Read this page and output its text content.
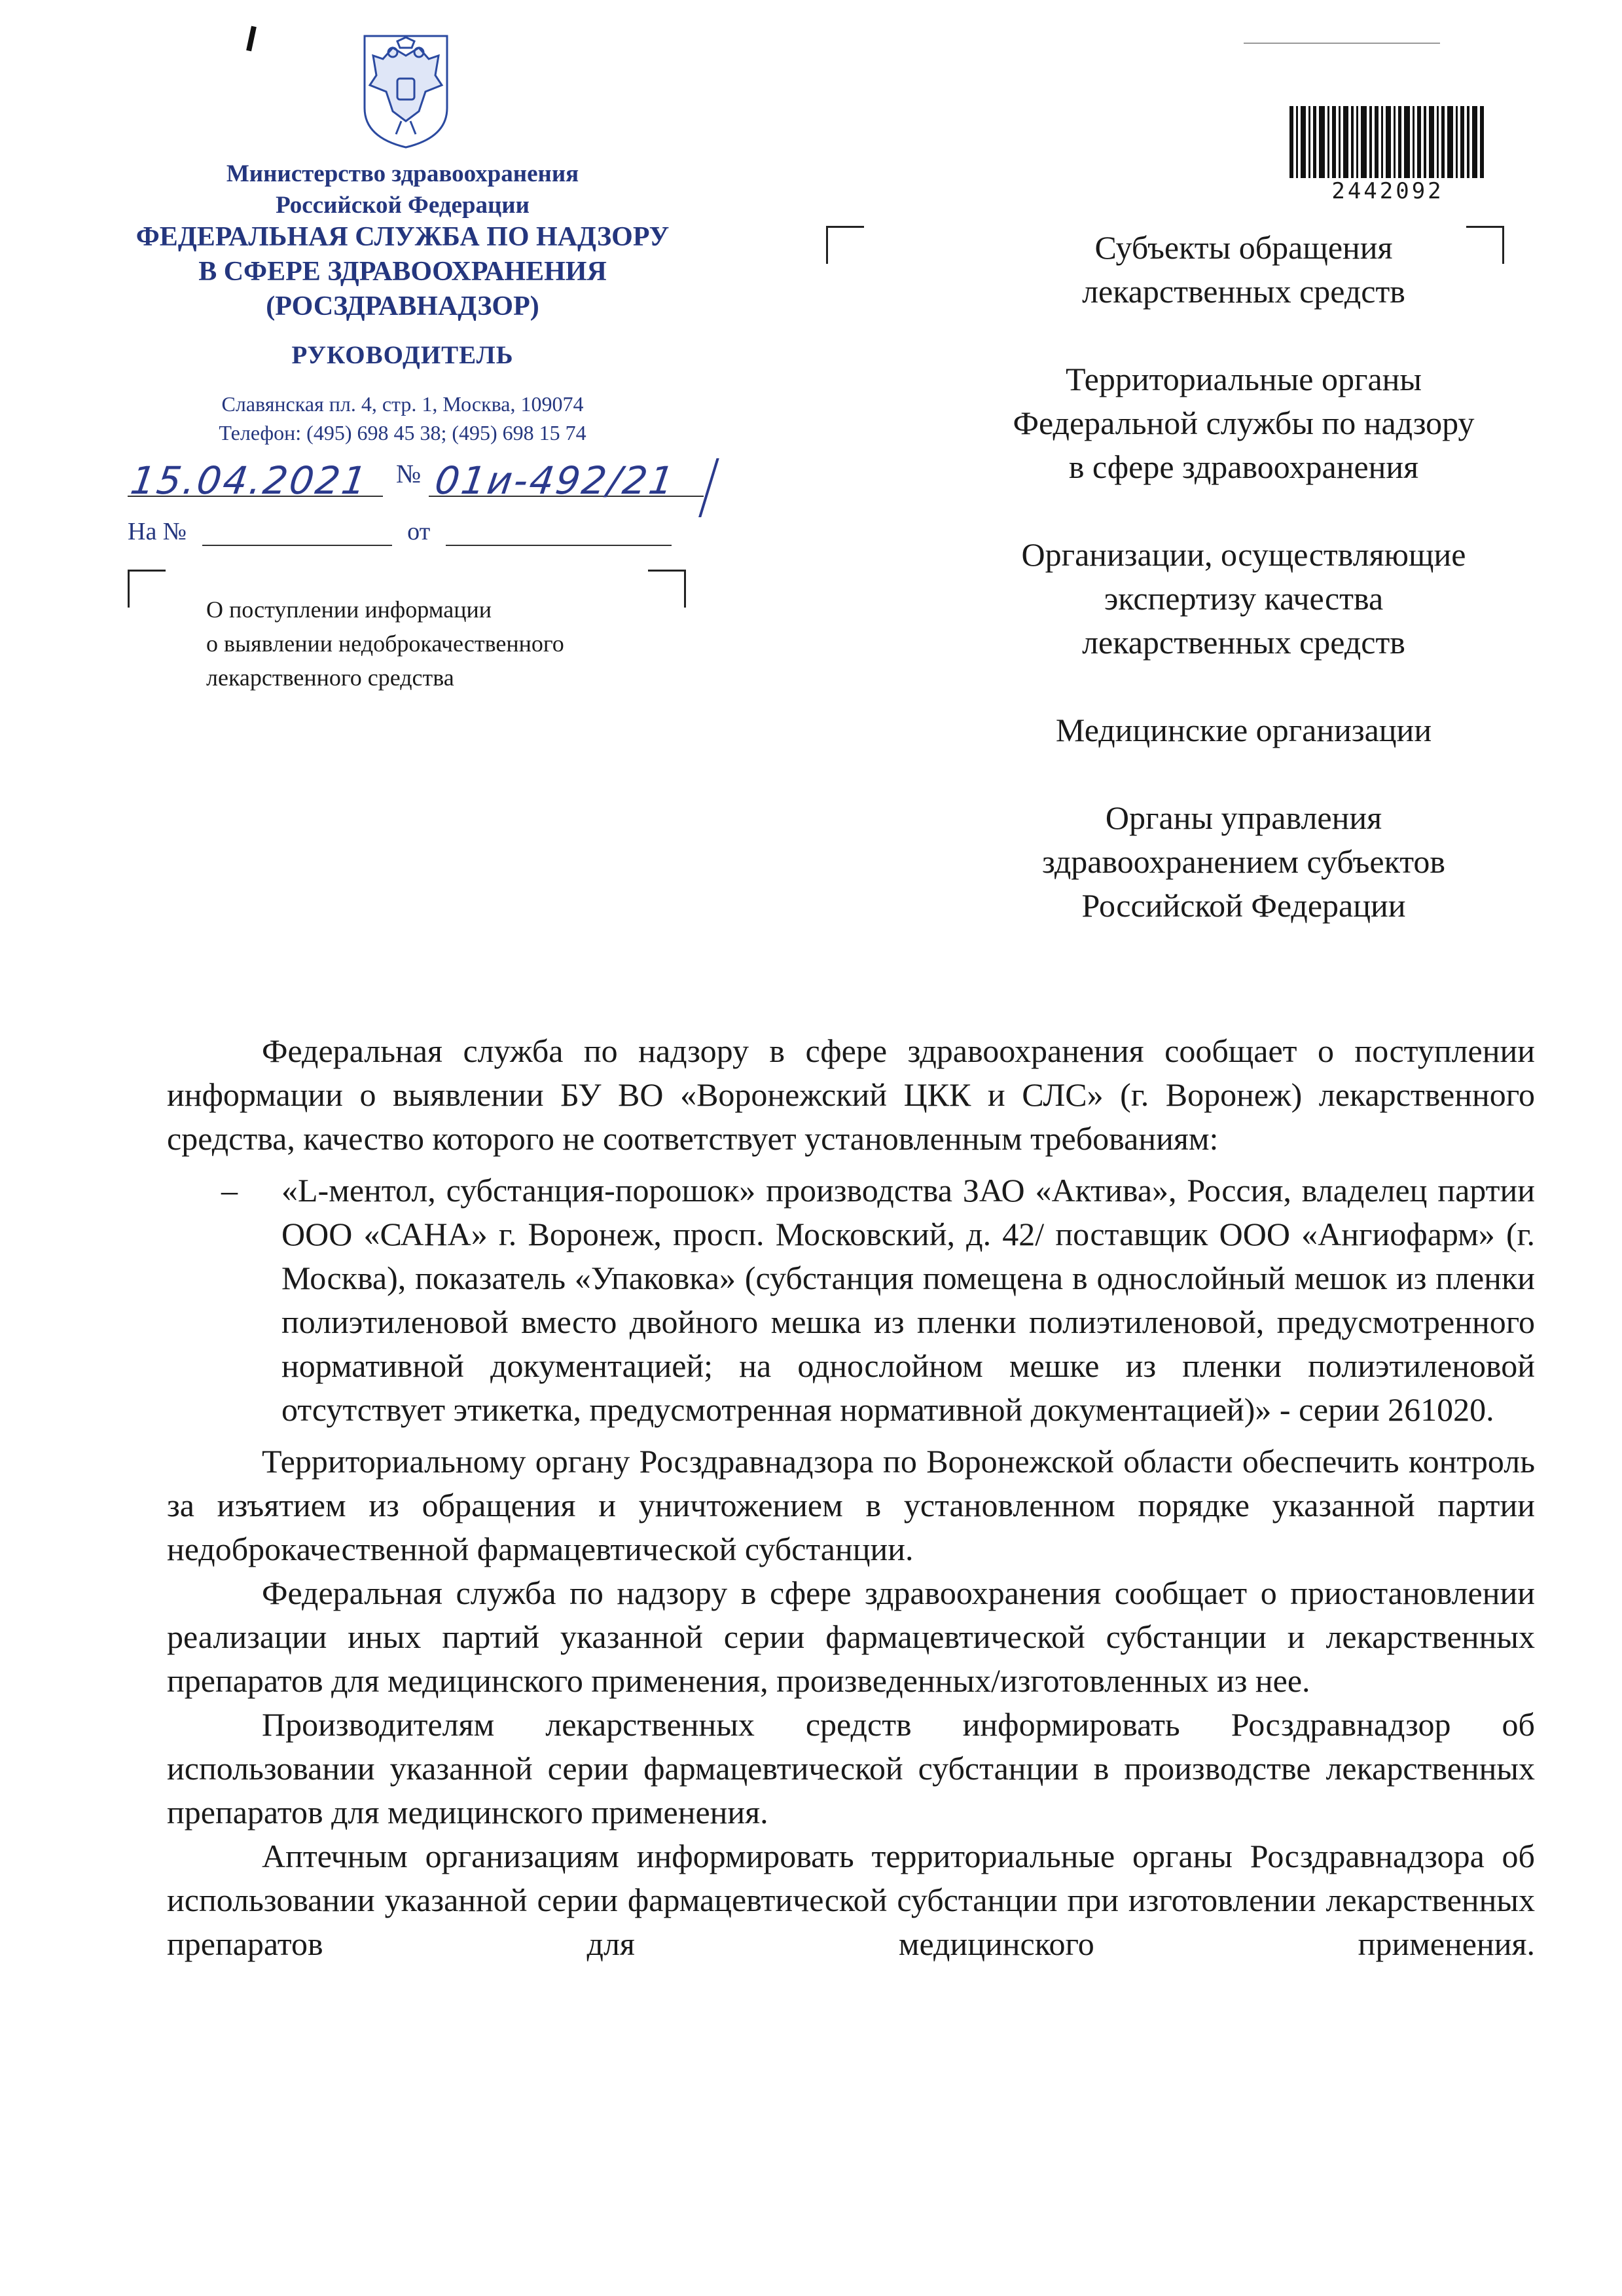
Министерство здравоохранения
Российской Федерации
ФЕДЕРАЛЬНАЯ СЛУЖБА ПО НАДЗОРУ
В СФЕРЕ ЗДРАВООХРАНЕНИЯ
(РОСЗДРАВНАДЗОР)
РУКОВОДИТЕЛЬ
Славянская пл. 4, стр. 1, Москва, 109074
Телефон: (495) 698 45 38; (495) 698 15 74
15.04.2021 № 01и-492/21
На №	от
О поступлении информации
о выявлении недоброкачественного
лекарственного средства
2442092

Субъекты обращения
лекарственных средств

Территориальные органы
Федеральной службы по надзору
в сфере здравоохранения

Организации, осуществляющие
экспертизу качества
лекарственных средств

Медицинские организации

Органы управления
здравоохранением субъектов
Российской Федерации

Федеральная служба по надзору в сфере здравоохранения сообщает о поступлении информации о выявлении БУ ВО «Воронежский ЦКК и СЛС» (г. Воронеж) лекарственного средства, качество которого не соответствует установленным требованиям:

– «L-ментол, субстанция-порошок» производства ЗАО «Актива», Россия, владелец партии ООО «САНА» г. Воронеж, просп. Московский, д. 42/ поставщик ООО «Ангиофарм» (г. Москва), показатель «Упаковка» (субстанция помещена в однослойный мешок из пленки полиэтиленовой вместо двойного мешка из пленки полиэтиленовой, предусмотренного нормативной документацией; на однослойном мешке из пленки полиэтиленовой отсутствует этикетка, предусмотренная нормативной документацией)» - серии 261020.

Территориальному органу Росздравнадзора по Воронежской области обеспечить контроль за изъятием из обращения и уничтожением в установленном порядке указанной партии недоброкачественной фармацевтической субстанции.

Федеральная служба по надзору в сфере здравоохранения сообщает о приостановлении реализации иных партий указанной серии фармацевтической субстанции и лекарственных препаратов для медицинского применения, произведенных/изготовленных из нее.

Производителям лекарственных средств информировать Росздравнадзор об использовании указанной серии фармацевтической субстанции в производстве лекарственных препаратов для медицинского применения.

Аптечным организациям информировать территориальные органы Росздравнадзора об использовании указанной серии фармацевтической субстанции при изготовлении лекарственных препаратов для медицинского применения.
